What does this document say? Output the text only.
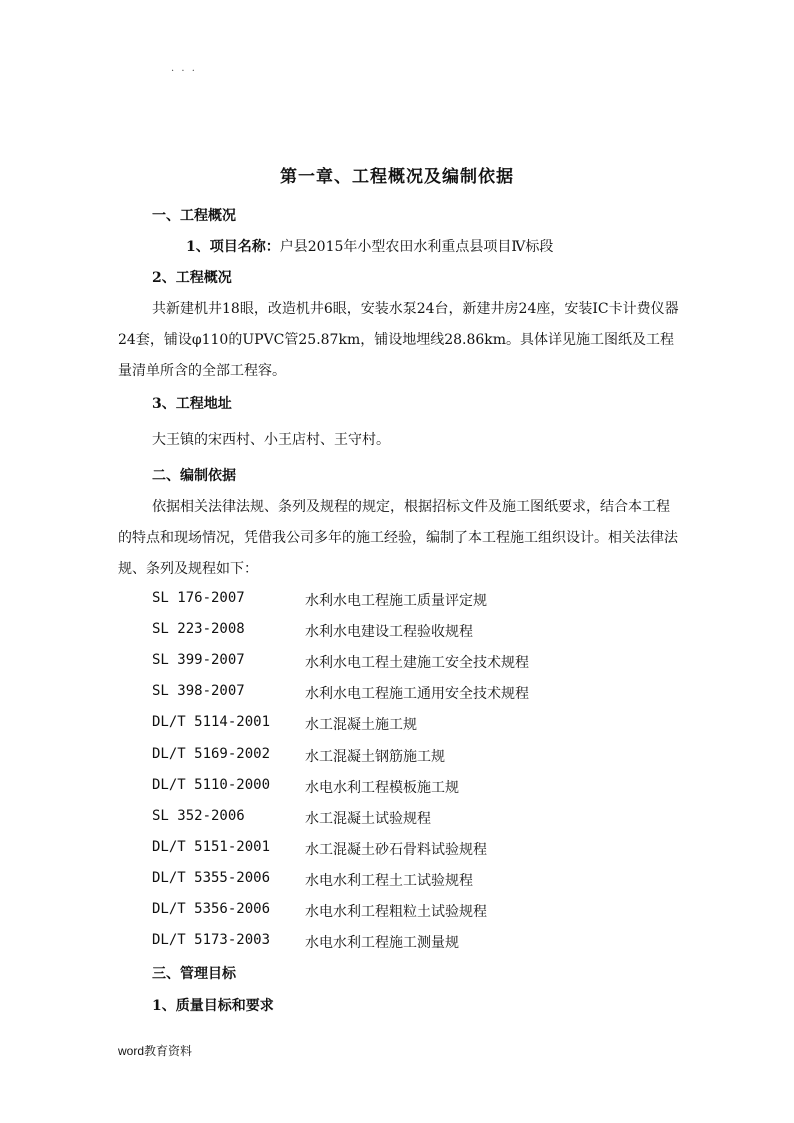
· · ·
第一章、工程概况及编制依据
一、工程概况
1、项目名称：户县2015年小型农田水利重点县项目Ⅳ标段
2、工程概况

共新建机井18眼，改造机井6眼，安装水泵24台，新建井房24座，安装IC卡计费仪器24套，铺设φ110的UPVC管25.87km，铺设地埋线28.86km。具体详见施工图纸及工程量清单所含的全部工程容。

3、工程地址
大王镇的宋西村、小王店村、王守村。
二、编制依据

依据相关法律法规、条列及规程的规定，根据招标文件及施工图纸要求，结合本工程的特点和现场情况，凭借我公司多年的施工经验，编制了本工程施工组织设计。相关法律法规、条列及规程如下：

SL 176-2007	水利水电工程施工质量评定规
SL 223-2008	水利水电建设工程验收规程
SL 399-2007	水利水电工程土建施工安全技术规程
SL 398-2007	水利水电工程施工通用安全技术规程
DL/T 5114-2001 水工混凝土施工规
DL/T 5169-2002 水工混凝土钢筋施工规
DL/T 5110-2000 水电水利工程模板施工规
SL 352-2006	水工混凝土试验规程
DL/T 5151-2001 水工混凝土砂石骨料试验规程
DL/T 5355-2006 水电水利工程土工试验规程
DL/T 5356-2006 水电水利工程粗粒土试验规程
DL/T 5173-2003 水电水利工程施工测量规
三、管理目标
1、质量目标和要求
word教育资料
